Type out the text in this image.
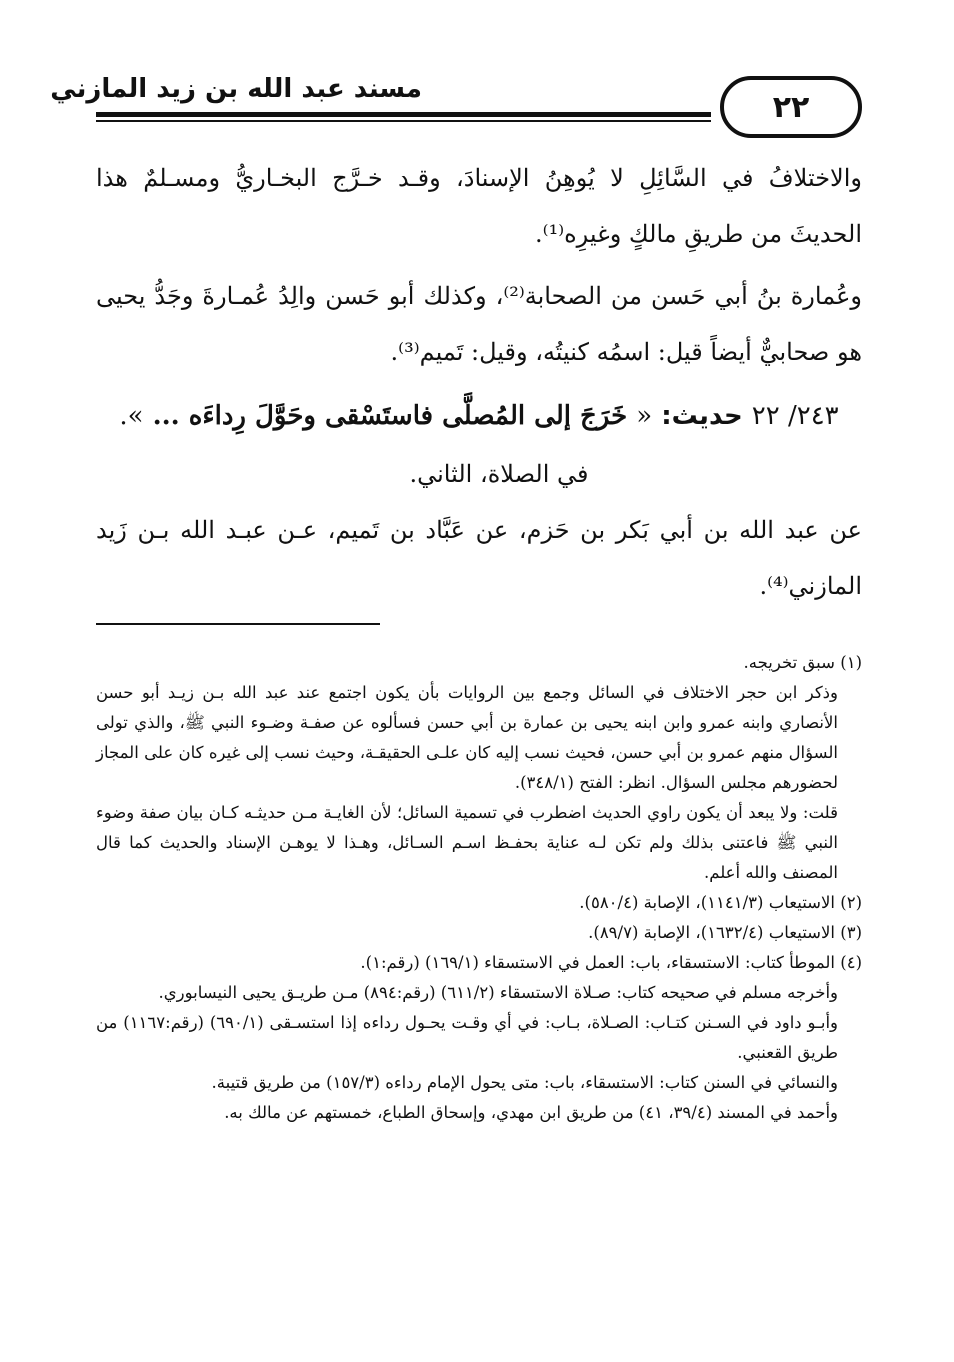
مسند عبد الله بن زيد المازني
٢٢

والاختلافُ في السَّائِلِ لا يُوهِنُ الإسنادَ، وقـد خـرَّج البخـاريُّ ومسـلمٌ هذا الحديثَ من طريقِ مالكٍ وغيرِه⁽¹⁾.

وعُمارة بنُ أبي حَسن من الصحابة⁽²⁾، وكذلك أبو حَسن والِدُ عُمـارةَ وجَدُّ يحيى هو صحابيٌّ أيضاً قيل: اسمُه كنيتُه، وقيل: تَميم⁽³⁾.

٢٤٣/ ٢٢ حديث: « خَرَجَ إلى المُصلَّى فاستَسْقى وحَوَّلَ رِداءَه ... ».

في الصلاة، الثاني.

عن عبد الله بن أبي بَكر بن حَزم، عن عَبَّاد بن تَميم، عـن عبـد الله بـن زَيد المازني⁽⁴⁾.

(١) سبق تخريجه.

وذكر ابن حجر الاختلاف في السائل وجمع بين الروايات بأن يكون اجتمع عند عبد الله بـن زيـد أبو حسن الأنصاري وابنه عمرو وابن ابنه يحيى بن عمارة بن أبي حسن فسألوه عن صفـة وضـوء النبي ﷺ، والذي تولى السؤال منهم عمرو بن أبي حسن، فحيث نسب إليه كان علـى الحقيقـة، وحيث نسب إلى غيره كان على المجاز لحضورهم مجلس السؤال. انظر: الفتح (٣٤٨/١).

قلت: ولا يبعد أن يكون راوي الحديث اضطرب في تسمية السائل؛ لأن الغايـة مـن حديثـه كـان بيان صفة وضوء النبي ﷺ فاعتنى بذلك ولم تكن لـه عناية بحفـظ اسـم السـائل، وهـذا لا يوهـن الإسناد والحديث كما قال المصنف والله أعلم.

(٢) الاستيعاب (١١٤١/٣)، الإصابة (٥٨٠/٤).

(٣) الاستيعاب (١٦٣٢/٤)، الإصابة (٨٩/٧).

(٤) الموطأ كتاب: الاستسقاء، باب: العمل في الاستسقاء (١٦٩/١) (رقم:١).

وأخرجه مسلم في صحيحه كتاب: صـلاة الاستسقاء (٦١١/٢) (رقم:٨٩٤) مـن طريـق يحيى النيسابوري.

وأبـو داود في السـنن كتـاب: الصـلاة، بـاب: في أي وقـت يحـول رداءه إذا استسـقى (٦٩٠/١) (رقم:١١٦٧) من طريق القعنبي.

والنسائي في السنن كتاب: الاستسقاء، باب: متى يحول الإمام رداءه (١٥٧/٣) من طريق قتيبة.

وأحمد في المسند (٣٩/٤، ٤١) من طريق ابن مهدي، وإسحاق الطباع، خمستهم عن مالك به.
